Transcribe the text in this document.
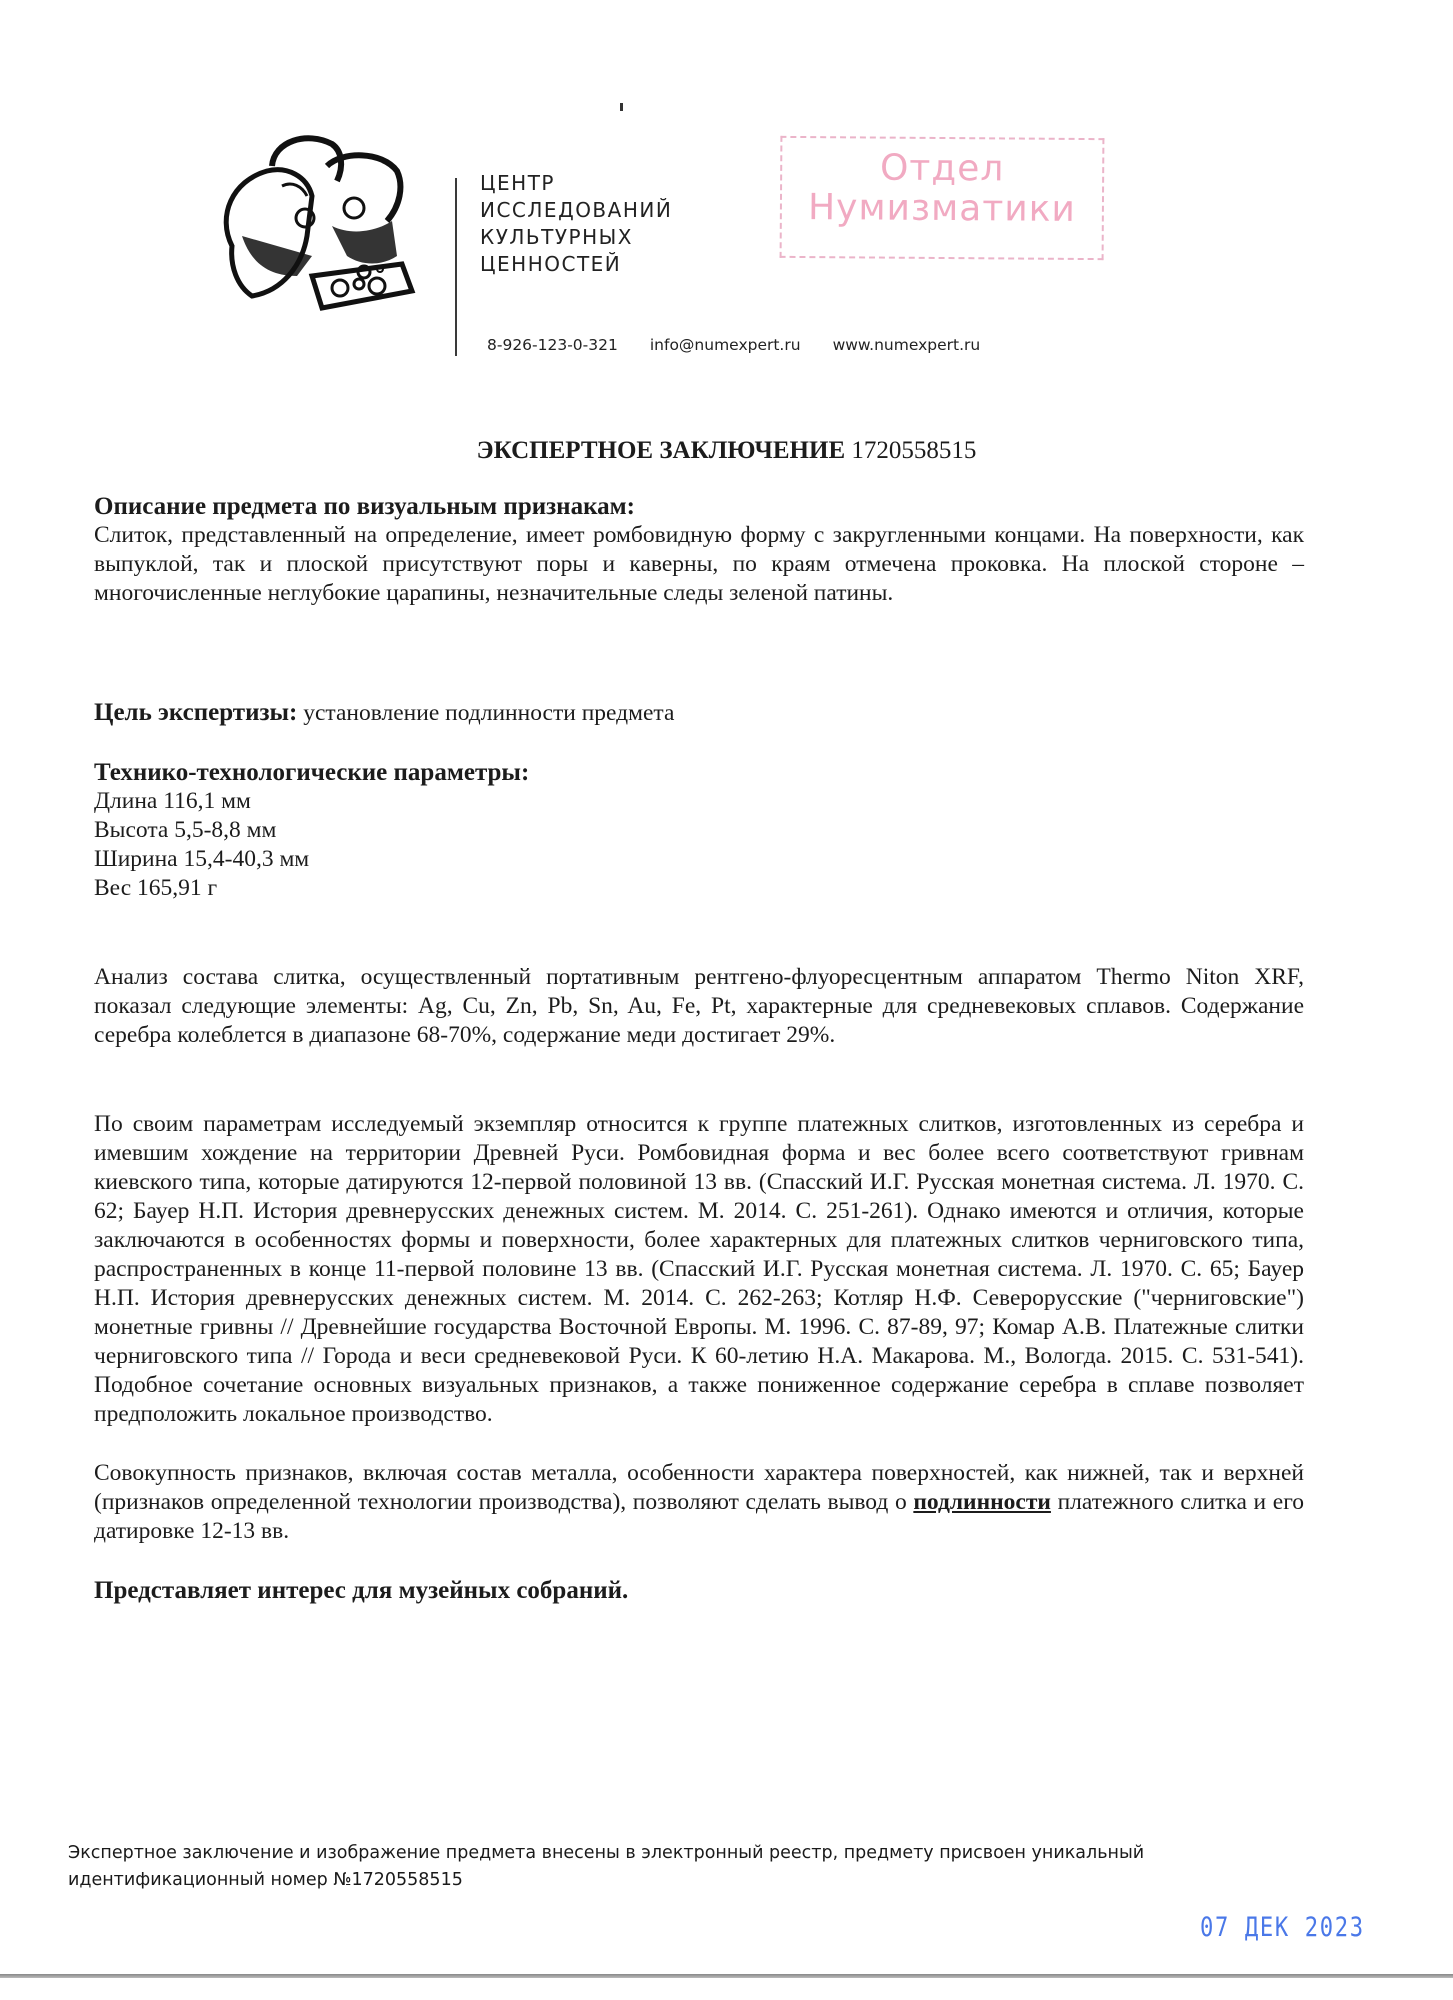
ЦЕНТР
ИССЛЕДОВАНИЙ
КУЛЬТУРНЫХ
ЦЕННОСТЕЙ
8-926-123-0-321 info@numexpert.ru www.numexpert.ru
Отдел
Нумизматики
ЭКСПЕРТНОЕ ЗАКЛЮЧЕНИЕ 1720558515
Описание предмета по визуальным признакам:

Слиток, представленный на определение, имеет ромбовидную форму с закругленными концами. На поверхности, как выпуклой, так и плоской присутствуют поры и каверны, по краям отмечена проковка. На плоской стороне – многочисленные неглубокие царапины, незначительные следы зеленой патины.

Цель экспертизы: установление подлинности предмета

Технико-технологические параметры:
Длина 116,1 мм
Высота 5,5-8,8 мм
Ширина 15,4-40,3 мм
Вес 165,91 г

Анализ состава слитка, осуществленный портативным рентгено-флуоресцентным аппаратом Thermo Niton XRF, показал следующие элементы: Ag, Cu, Zn, Pb, Sn, Au, Fe, Pt, характерные для средневековых сплавов. Содержание серебра колеблется в диапазоне 68-70%, содержание меди достигает 29%.

По своим параметрам исследуемый экземпляр относится к группе платежных слитков, изготовленных из серебра и имевшим хождение на территории Древней Руси. Ромбовидная форма и вес более всего соответствуют гривнам киевского типа, которые датируются 12-первой половиной 13 вв. (Спасский И.Г. Русская монетная система. Л. 1970. С. 62; Бауер Н.П. История древнерусских денежных систем. М. 2014. С. 251-261). Однако имеются и отличия, которые заключаются в особенностях формы и поверхности, более характерных для платежных слитков черниговского типа, распространенных в конце 11-первой половине 13 вв. (Спасский И.Г. Русская монетная система. Л. 1970. С. 65; Бауер Н.П. История древнерусских денежных систем. М. 2014. С. 262-263; Котляр Н.Ф. Северорусские ("черниговские") монетные гривны // Древнейшие государства Восточной Европы. М. 1996. С. 87-89, 97; Комар А.В. Платежные слитки черниговского типа // Города и веси средневековой Руси. К 60-летию Н.А. Макарова. М., Вологда. 2015. С. 531-541). Подобное сочетание основных визуальных признаков, а также пониженное содержание серебра в сплаве позволяет предположить локальное производство.

Совокупность признаков, включая состав металла, особенности характера поверхностей, как нижней, так и верхней (признаков определенной технологии производства), позволяют сделать вывод о подлинности платежного слитка и его датировке 12-13 вв.

Представляет интерес для музейных собраний.
Экспертное заключение и изображение предмета внесены в электронный реестр, предмету присвоен уникальный идентификационный номер №1720558515
07 ДЕК 2023
